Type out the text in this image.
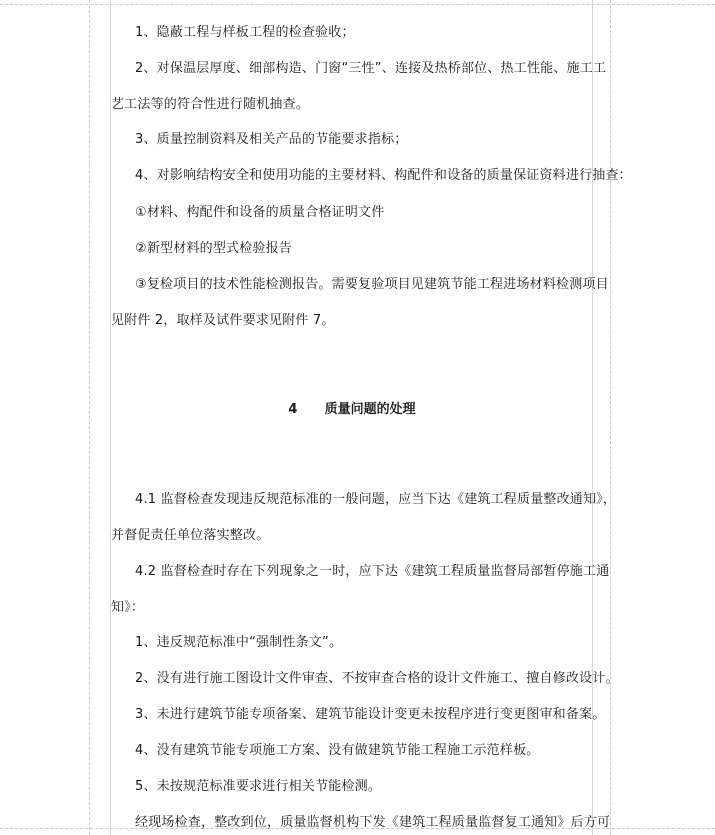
1、隐蔽工程与样板工程的检查验收；
2、对保温层厚度、细部构造、门窗“三性”、连接及热桥部位、热工性能、施工工
艺工法等的符合性进行随机抽查。
3、质量控制资料及相关产品的节能要求指标；
4、对影响结构安全和使用功能的主要材料、构配件和设备的质量保证资料进行抽查：
①材料、构配件和设备的质量合格证明文件
②新型材料的型式检验报告
③复检项目的技术性能检测报告。需要复验项目见建筑节能工程进场材料检测项目
见附件 2，取样及试件要求见附件 7。
4 质量问题的处理
4.1 监督检查发现违反规范标准的一般问题，应当下达《建筑工程质量整改通知》，
并督促责任单位落实整改。
4.2 监督检查时存在下列现象之一时，应下达《建筑工程质量监督局部暂停施工通
知》：
1、违反规范标准中“强制性条文”。
2、没有进行施工图设计文件审查、不按审查合格的设计文件施工、擅自修改设计。
3、未进行建筑节能专项备案、建筑节能设计变更未按程序进行变更图审和备案。
4、没有建筑节能专项施工方案、没有做建筑节能工程施工示范样板。
5、未按规范标准要求进行相关节能检测。
经现场检查，整改到位，质量监督机构下发《建筑工程质量监督复工通知》后方可
